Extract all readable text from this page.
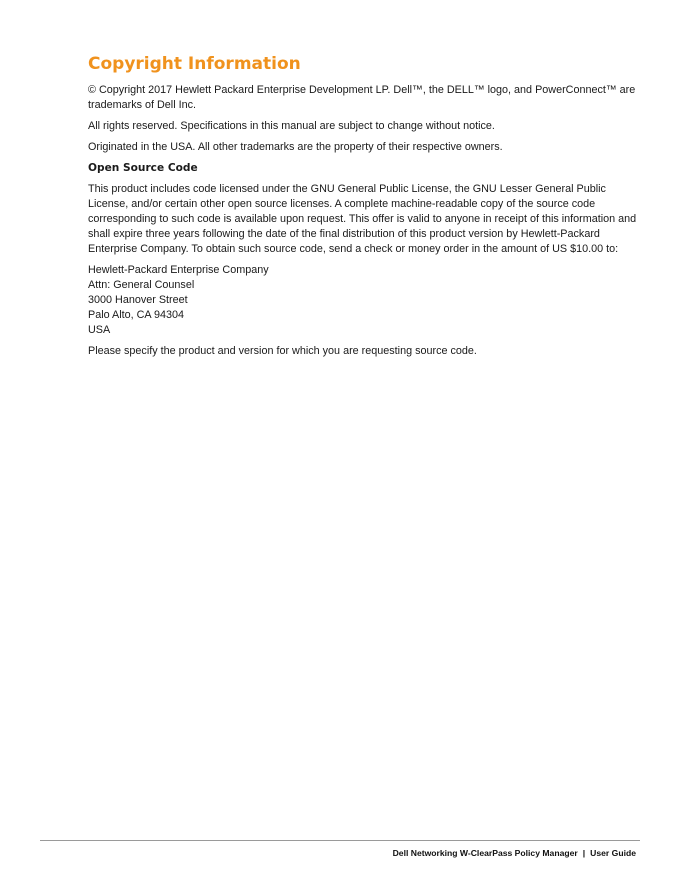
Copyright Information

© Copyright 2017 Hewlett Packard Enterprise Development LP. Dell™, the DELL™ logo, and PowerConnect™ are trademarks of Dell Inc.

All rights reserved. Specifications in this manual are subject to change without notice.

Originated in the USA. All other trademarks are the property of their respective owners.

Open Source Code

This product includes code licensed under the GNU General Public License, the GNU Lesser General Public License, and/or certain other open source licenses. A complete machine-readable copy of the source code corresponding to such code is available upon request. This offer is valid to anyone in receipt of this information and shall expire three years following the date of the final distribution of this product version by Hewlett-Packard Enterprise Company. To obtain such source code, send a check or money order in the amount of US $10.00 to:

Hewlett-Packard Enterprise Company
Attn: General Counsel
3000 Hanover Street
Palo Alto, CA 94304
USA

Please specify the product and version for which you are requesting source code.

Dell Networking W-ClearPass Policy Manager | User Guide
